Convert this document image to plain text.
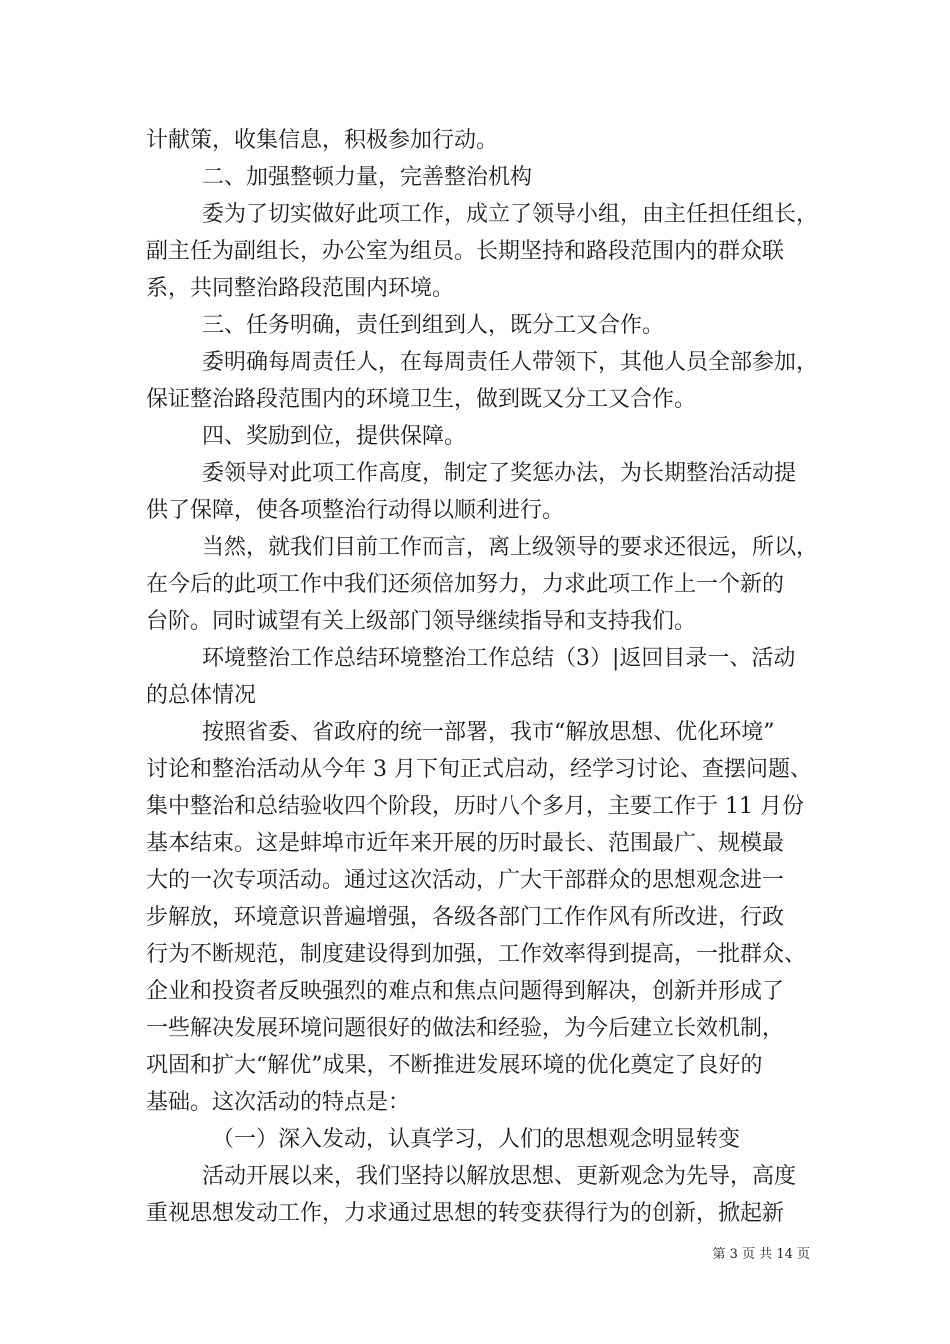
计献策，收集信息，积极参加行动。

二、加强整顿力量，完善整治机构

委为了切实做好此项工作，成立了领导小组，由主任担任组长，

副主任为副组长，办公室为组员。长期坚持和路段范围内的群众联

系，共同整治路段范围内环境。

三、任务明确，责任到组到人，既分工又合作。

委明确每周责任人，在每周责任人带领下，其他人员全部参加，

保证整治路段范围内的环境卫生，做到既又分工又合作。

四、奖励到位，提供保障。

委领导对此项工作高度，制定了奖惩办法，为长期整治活动提

供了保障，使各项整治行动得以顺利进行。

当然，就我们目前工作而言，离上级领导的要求还很远，所以，

在今后的此项工作中我们还须倍加努力，力求此项工作上一个新的

台阶。同时诚望有关上级部门领导继续指导和支持我们。

环境整治工作总结环境整治工作总结（3）|返回目录一、活动

的总体情况

按照省委、省政府的统一部署，我市“解放思想、优化环境”

讨论和整治活动从今年 3 月下旬正式启动，经学习讨论、查摆问题、

集中整治和总结验收四个阶段，历时八个多月，主要工作于 11 月份

基本结束。这是蚌埠市近年来开展的历时最长、范围最广、规模最

大的一次专项活动。通过这次活动，广大干部群众的思想观念进一

步解放，环境意识普遍增强，各级各部门工作作风有所改进，行政

行为不断规范，制度建设得到加强，工作效率得到提高，一批群众、

企业和投资者反映强烈的难点和焦点问题得到解决，创新并形成了

一些解决发展环境问题很好的做法和经验，为今后建立长效机制，

巩固和扩大“解优”成果，不断推进发展环境的优化奠定了良好的

基础。这次活动的特点是：

（一）深入发动，认真学习，人们的思想观念明显转变

活动开展以来，我们坚持以解放思想、更新观念为先导，高度

重视思想发动工作，力求通过思想的转变获得行为的创新，掀起新

第 3 页 共 14 页
